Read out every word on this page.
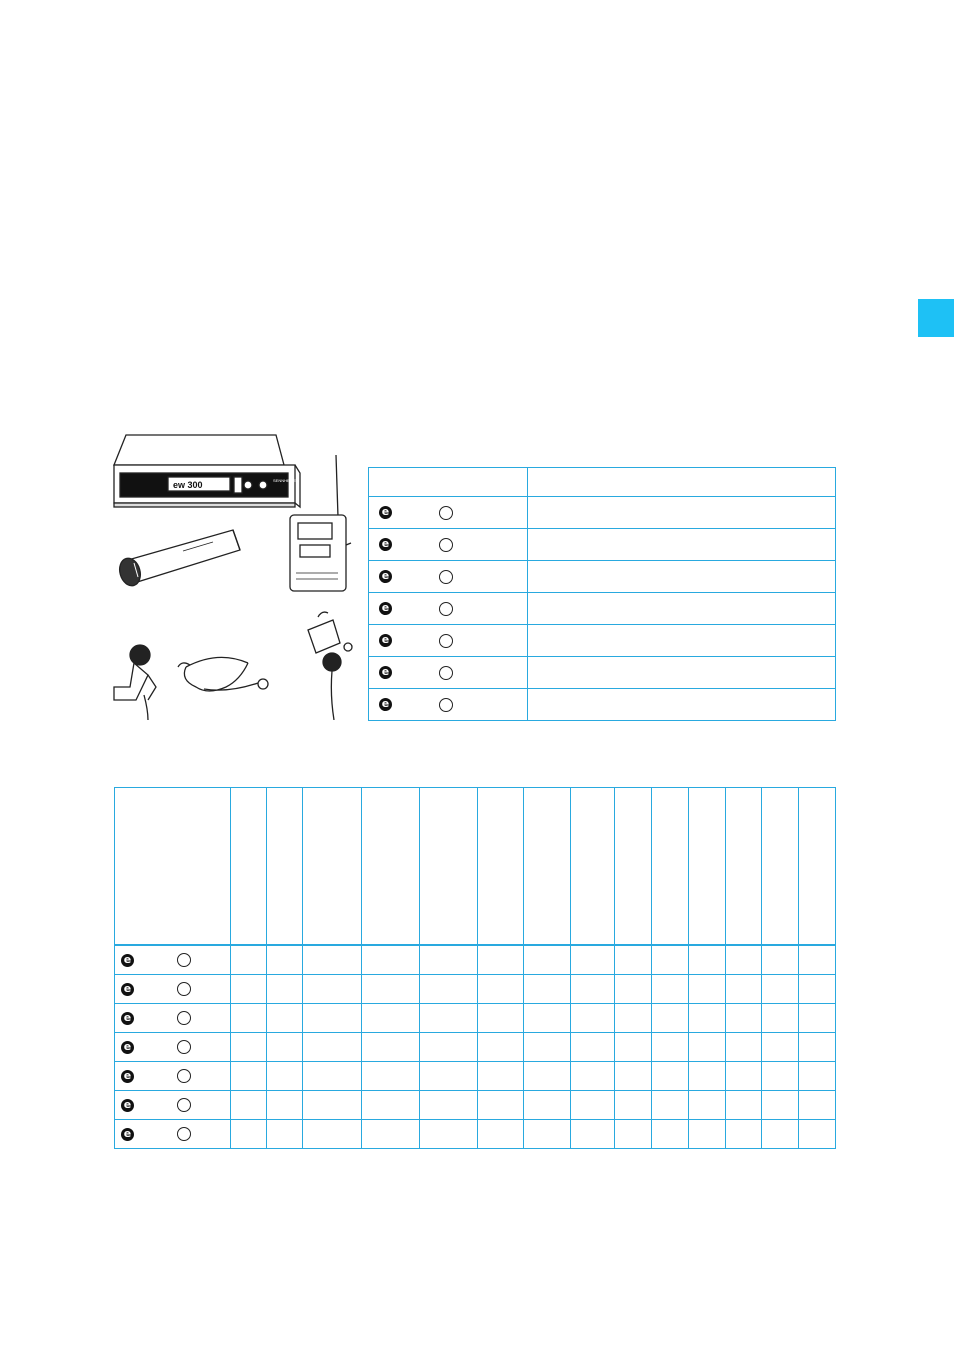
ew 300	SENNHEISER

e	

e	

e	

e	

e	

e	

e	

e														

e														

e														

e														

e														

e														

e														
